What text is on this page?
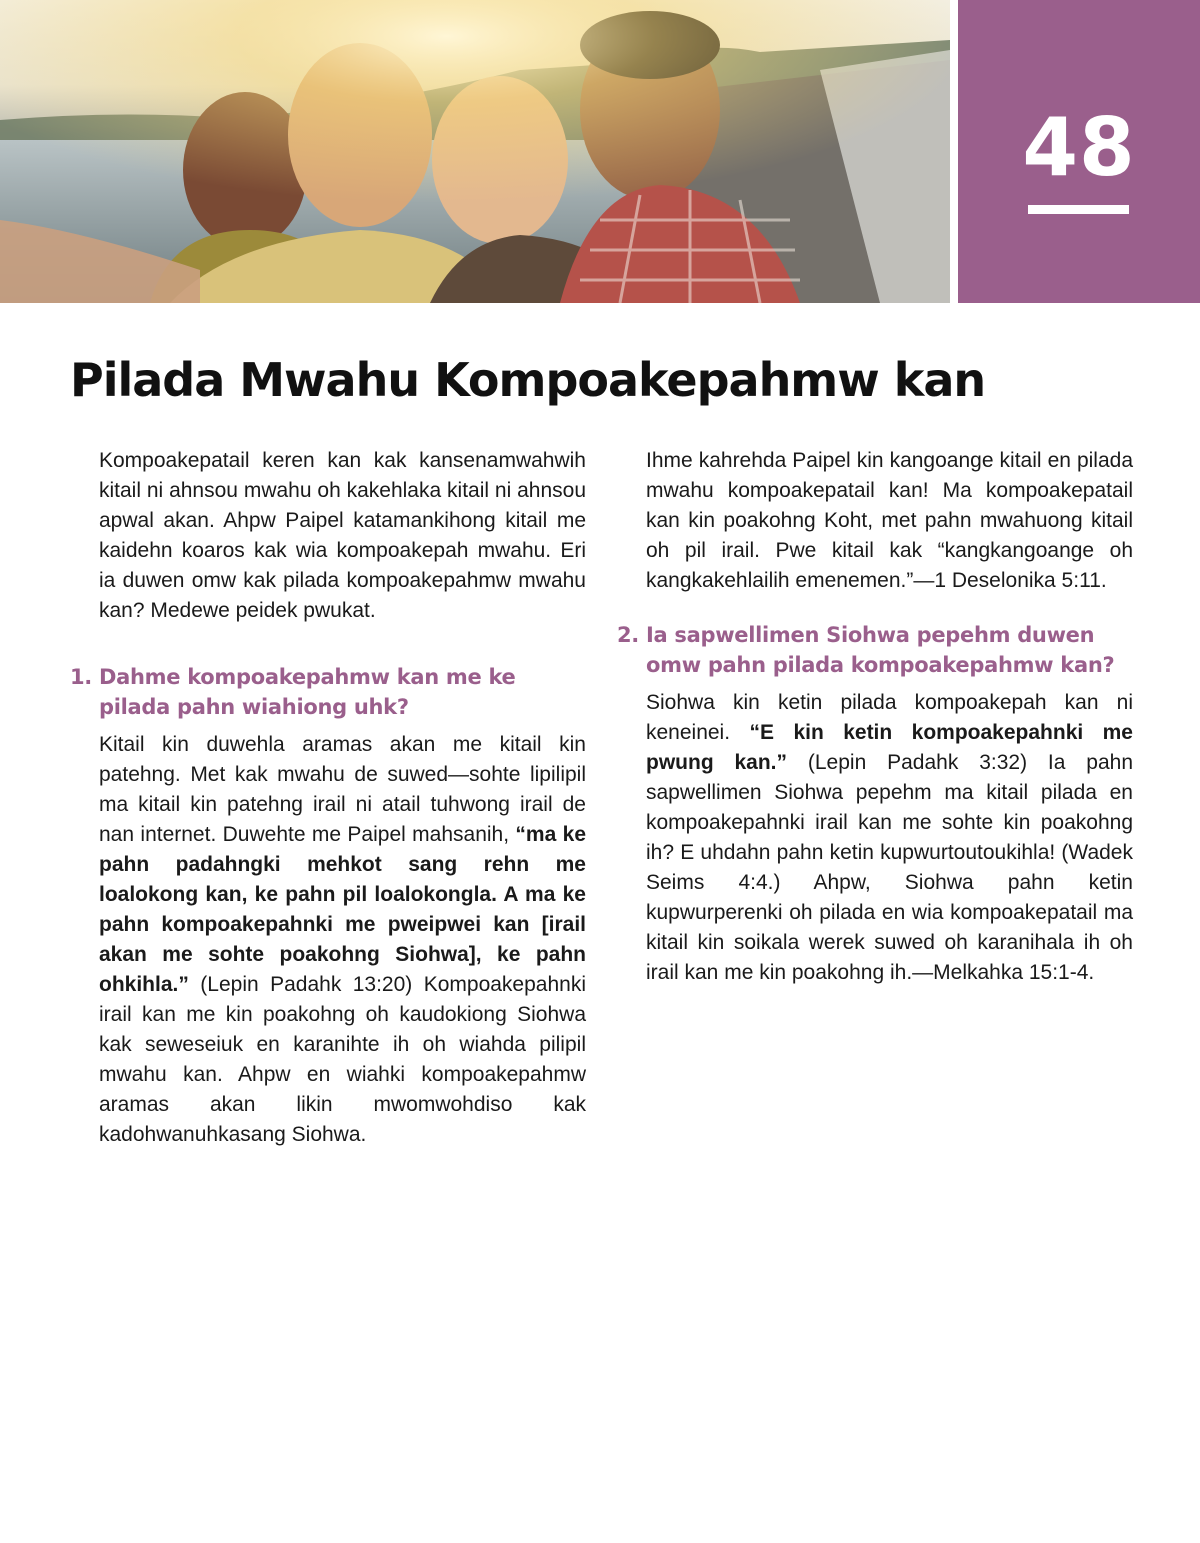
48
Pilada Mwahu Kompoakepahmw kan

Kompoakepatail keren kan kak kansenamwahwih kitail ni ahnsou mwahu oh kakehlaka kitail ni ahnsou apwal akan. Ahpw Paipel katamankihong kitail me kaidehn koaros kak wia kompoakepah mwahu. Eri ia duwen omw kak pilada kompoakepahmw mwahu kan? Medewe peidek pwukat.

1. Dahme kompoakepahmw kan me ke pilada pahn wiahiong uhk?

Kitail kin duwehla aramas akan me kitail kin patehng. Met kak mwahu de suwed—sohte lipilipil ma kitail kin patehng irail ni atail tuhwong irail de nan internet. Duwehte me Paipel mahsanih, “ma ke pahn padahngki mehkot sang rehn me loalokong kan, ke pahn pil loalokongla. A ma ke pahn kompoakepahnki me pweipwei kan [irail akan me sohte poakohng Siohwa], ke pahn ohkihla.” (Lepin Padahk 13:20) Kompoakepahnki irail kan me kin poakohng oh kaudokiong Siohwa kak seweseiuk en karanihte ih oh wiahda pilipil mwahu kan. Ahpw en wiahki kompoakepahmw aramas akan likin mwomwohdiso kak kadohwanuhkasang Siohwa.

Ihme kahrehda Paipel kin kangoange kitail en pilada mwahu kompoakepatail kan! Ma kompoakepatail kan kin poakohng Koht, met pahn mwahuong kitail oh pil irail. Pwe kitail kak “kangkangoange oh kangkakehlailih emenemen.”—1 Deselonika 5:11.

2. Ia sapwellimen Siohwa pepehm duwen omw pahn pilada kompoakepahmw kan?

Siohwa kin ketin pilada kompoakepah kan ni keneinei. “E kin ketin kompoakepahnki me pwung kan.” (Lepin Padahk 3:32) Ia pahn sapwellimen Siohwa pepehm ma kitail pilada en kompoakepahnki irail kan me sohte kin poakohng ih? E uhdahn pahn ketin kupwurtoutoukihla! (Wadek Seims 4:4.) Ahpw, Siohwa pahn ketin kupwurperenki oh pilada en wia kompoakepatail ma kitail kin soikala werek suwed oh karanihala ih oh irail kan me kin poakohng ih.—Melkahka 15:1-4.
